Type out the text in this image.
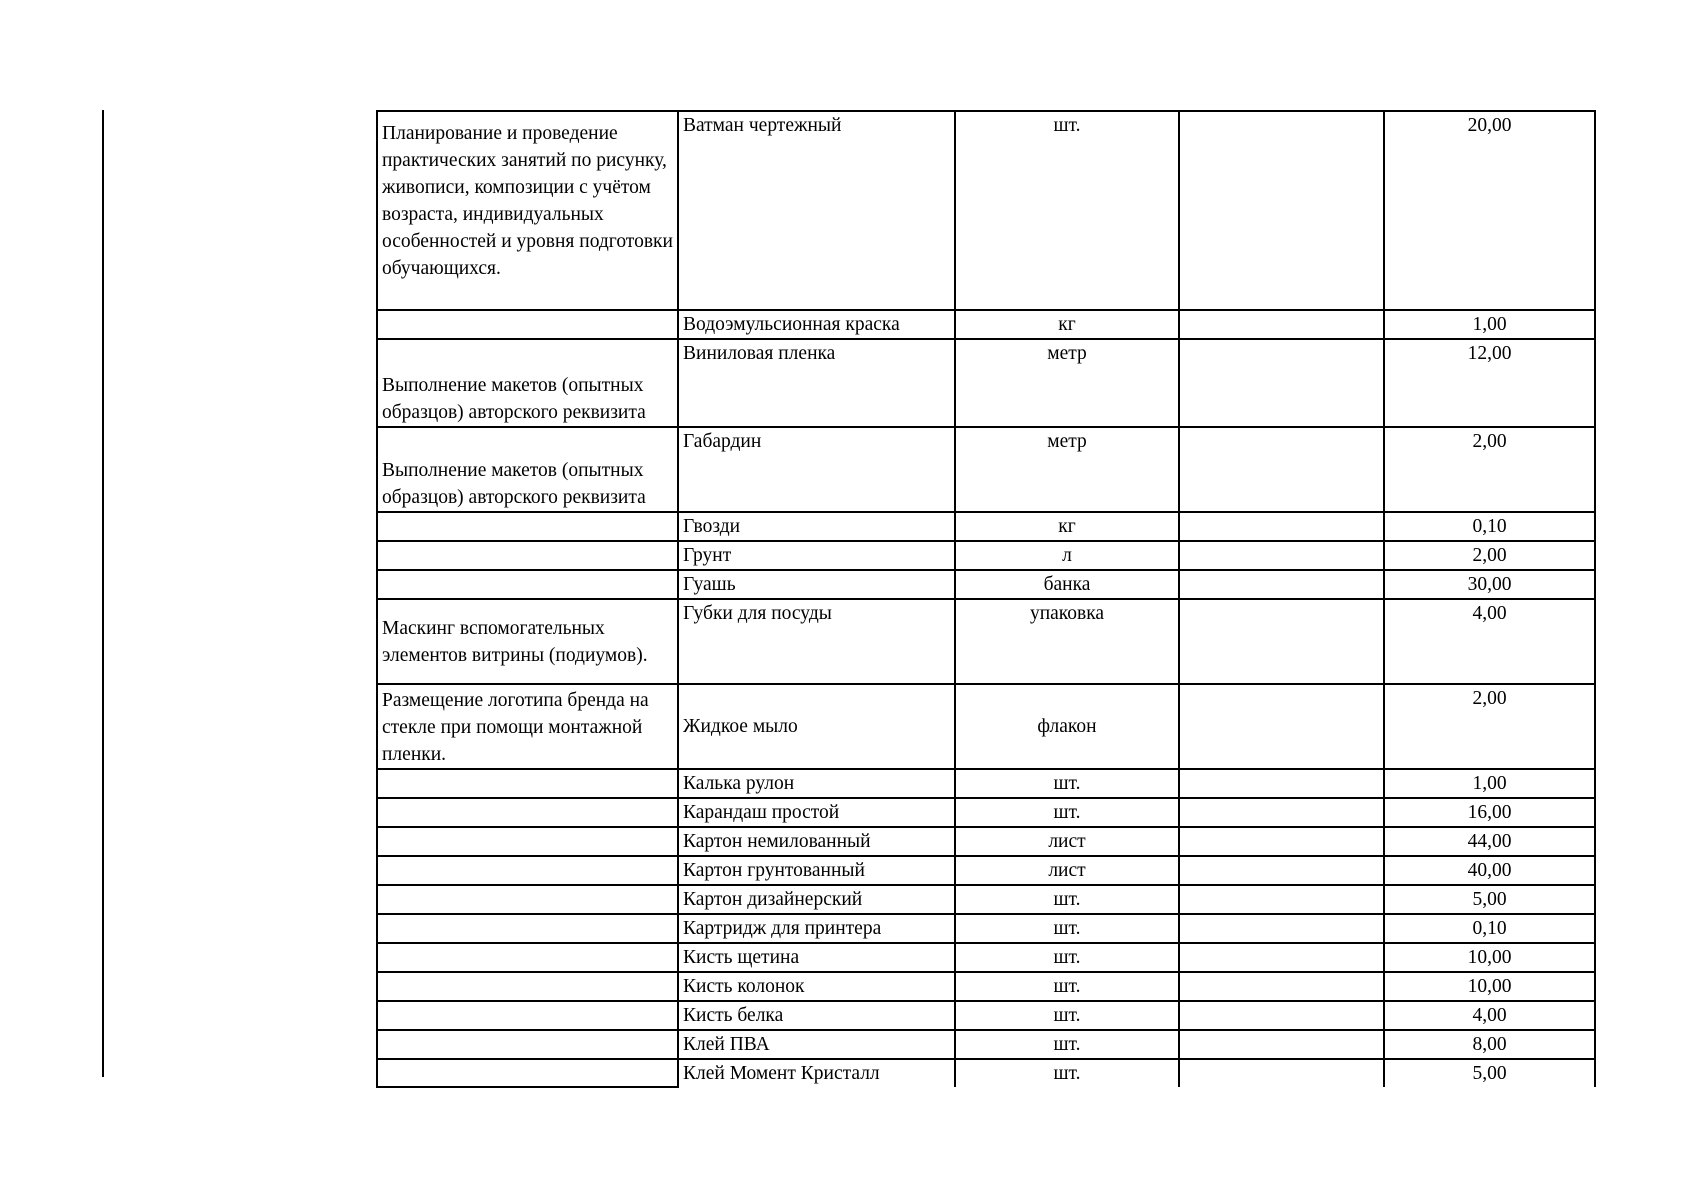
Планирование и проведение практических занятий по рисунку, живописи, композиции с учётом возраста, индивидуальных особенностей и уровня подготовки обучающихся.	Ватман чертежный	шт.		20,00
	Водоэмульсионная краска	кг		1,00
Выполнение макетов (опытных образцов) авторского реквизита	Виниловая пленка	метр		12,00
Выполнение макетов (опытных образцов) авторского реквизита	Габардин	метр		2,00
	Гвозди	кг		0,10
	Грунт	л		2,00
	Гуашь	банка		30,00
Маскинг вспомогательных элементов витрины (подиумов).	Губки для посуды	упаковка		4,00
Размещение логотипа бренда на стекле при помощи монтажной пленки.	Жидкое мыло	флакон		2,00
	Калька рулон	шт.		1,00
	Карандаш простой	шт.		16,00
	Картон немилованный	лист		44,00
	Картон грунтованный	лист		40,00
	Картон дизайнерский	шт.		5,00
	Картридж для принтера	шт.		0,10
	Кисть щетина	шт.		10,00
	Кисть колонок	шт.		10,00
	Кисть белка	шт.		4,00
	Клей ПВА	шт.		8,00
	Клей Момент Кристалл	шт.		5,00
